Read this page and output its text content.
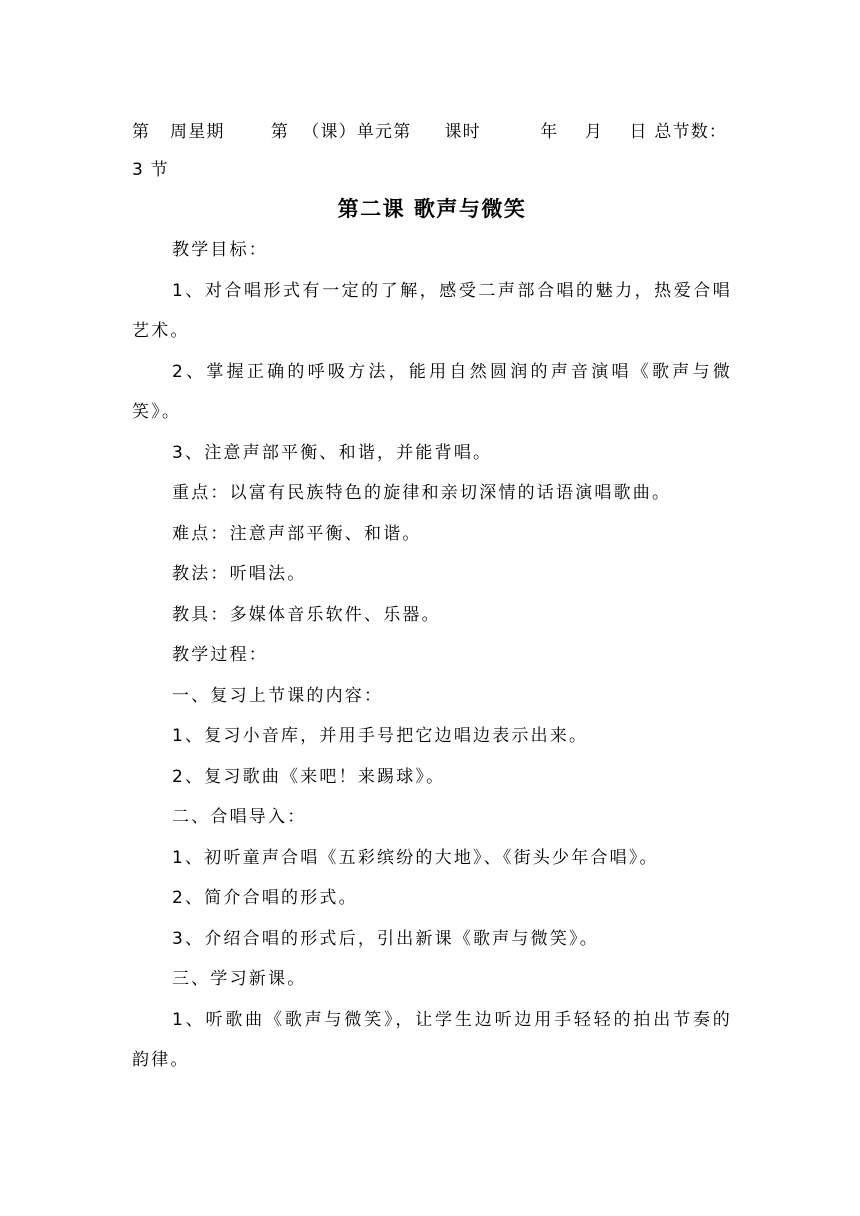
第   周星期       第  （课）单元第     课时         年    月    日 总节数：
3 节
第二课 歌声与微笑
教学目标：
1、对合唱形式有一定的了解，感受二声部合唱的魅力，热爱合唱艺术。
2、掌握正确的呼吸方法，能用自然圆润的声音演唱《歌声与微笑》。
3、注意声部平衡、和谐，并能背唱。
重点：以富有民族特色的旋律和亲切深情的话语演唱歌曲。
难点：注意声部平衡、和谐。
教法：听唱法。
教具：多媒体音乐软件、乐器。
教学过程：
一、复习上节课的内容：
1、复习小音库，并用手号把它边唱边表示出来。
2、复习歌曲《来吧！来踢球》。
二、合唱导入：
1、初听童声合唱《五彩缤纷的大地》、《街头少年合唱》。
2、简介合唱的形式。
3、介绍合唱的形式后，引出新课《歌声与微笑》。
三、学习新课。
1、听歌曲《歌声与微笑》，让学生边听边用手轻轻的拍出节奏的韵律。
